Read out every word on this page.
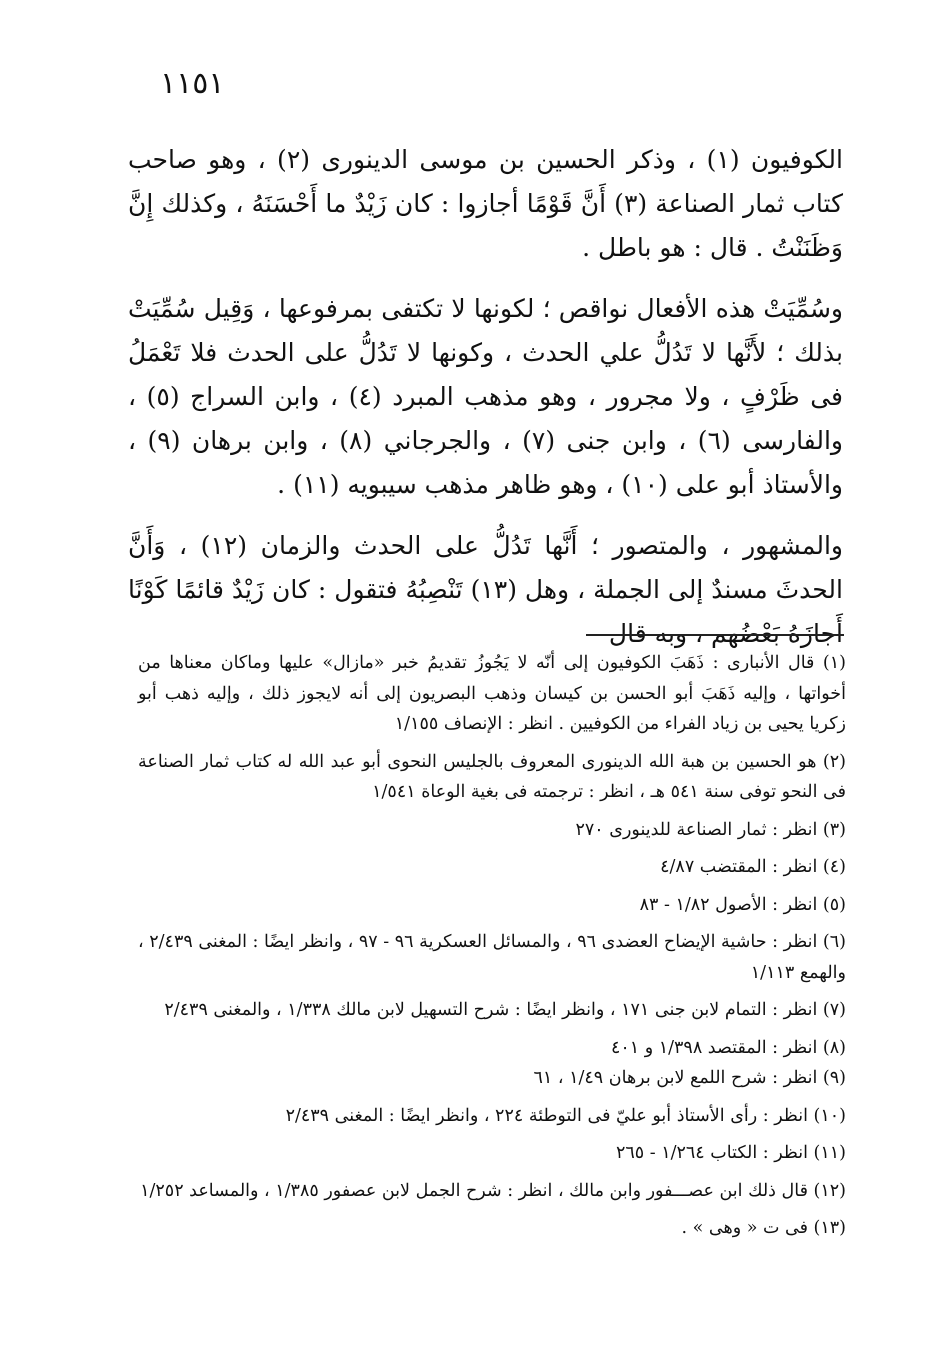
١١٥١

الكوفيون (١) ، وذكر الحسين بن موسى الدينورى (٢) ، وهو صاحب كتاب ثمار الصناعة (٣) أَنَّ قَوْمًا أجازوا : كان زَيْدٌ ما أَحْسَنَهُ ، وكذلك إِنَّ وَظَنَنْتُ . قال : هو باطل .

وسُمِّيَتْ هذه الأفعال نواقص ؛ لكونها لا تكتفى بمرفوعها ، وَقِيل سُمِّيَتْ بذلك ؛ لأَنَّها لا تَدُلُّ علي الحدث ، وكونها لا تَدُلُّ على الحدث فلا تَعْمَلُ فى ظَرْفٍ ، ولا مجرور ، وهو مذهب المبرد (٤) ، وابن السراج (٥) ، والفارسى (٦) ، وابن جنى (٧) ، والجرجاني (٨) ، وابن برهان (٩) ، والأستاذ أبو على (١٠) ، وهو ظاهر مذهب سيبويه (١١) .

والمشهور ، والمتصور ؛ أَنَّها تَدُلُّ على الحدث والزمان (١٢) ، وَأَنَّ الحدثَ مسندٌ إلى الجملة ، وهل (١٣) تَنْصِبُهُ فتقول : كان زَيْدٌ قائمًا كَوْنًا أَجازَهُ بَعْضُهم ، وبه قال

(١) قال الأنبارى : ذَهَبَ الكوفيون إلى أنّه لا يَجُوزُ تقديمُ خبر «مازال» عليها وماكان معناها من أخواتها ، وإليه ذَهَبَ أبو الحسن بن كيسان وذهب البصريون إلى أنه لايجوز ذلك ، وإليه ذهب أبو زكريا يحيى بن زياد الفراء من الكوفيين . انظر : الإنصاف ١/١٥٥

(٢) هو الحسين بن هبة الله الدينورى المعروف بالجليس النحوى أبو عبد الله له كتاب ثمار الصناعة فى النحو توفى سنة ٥٤١ هـ ، انظر : ترجمته فى بغية الوعاة ١/٥٤١

(٣) انظر : ثمار الصناعة للدينورى ٢٧٠

(٤) انظر : المقتضب ٤/٨٧

(٥) انظر : الأصول ١/٨٢ - ٨٣

(٦) انظر : حاشية الإيضاح العضدى ٩٦ ، والمسائل العسكرية ٩٦ - ٩٧ ، وانظر ايضًا : المغنى ٢/٤٣٩ ، والهمع ١/١١٣

(٧) انظر : التمام لابن جنى ١٧١ ، وانظر ايضًا : شرح التسهيل لابن مالك ١/٣٣٨ ، والمغنى ٢/٤٣٩

(٨) انظر : المقتصد ١/٣٩٨ و ٤٠١

(٩) انظر : شرح اللمع لابن برهان ١/٤٩ ، ٦١

(١٠) انظر : رأى الأستاذ أبو عليّ فى التوطئة ٢٢٤ ، وانظر ايضًا : المغنى ٢/٤٣٩

(١١) انظر : الكتاب ١/٢٦٤ - ٢٦٥

(١٢) قال ذلك ابن عصـــفور وابن مالك ، انظر : شرح الجمل لابن عصفور ١/٣٨٥ ، والمساعد ١/٢٥٢

(١٣) فى ت « وهى » .
